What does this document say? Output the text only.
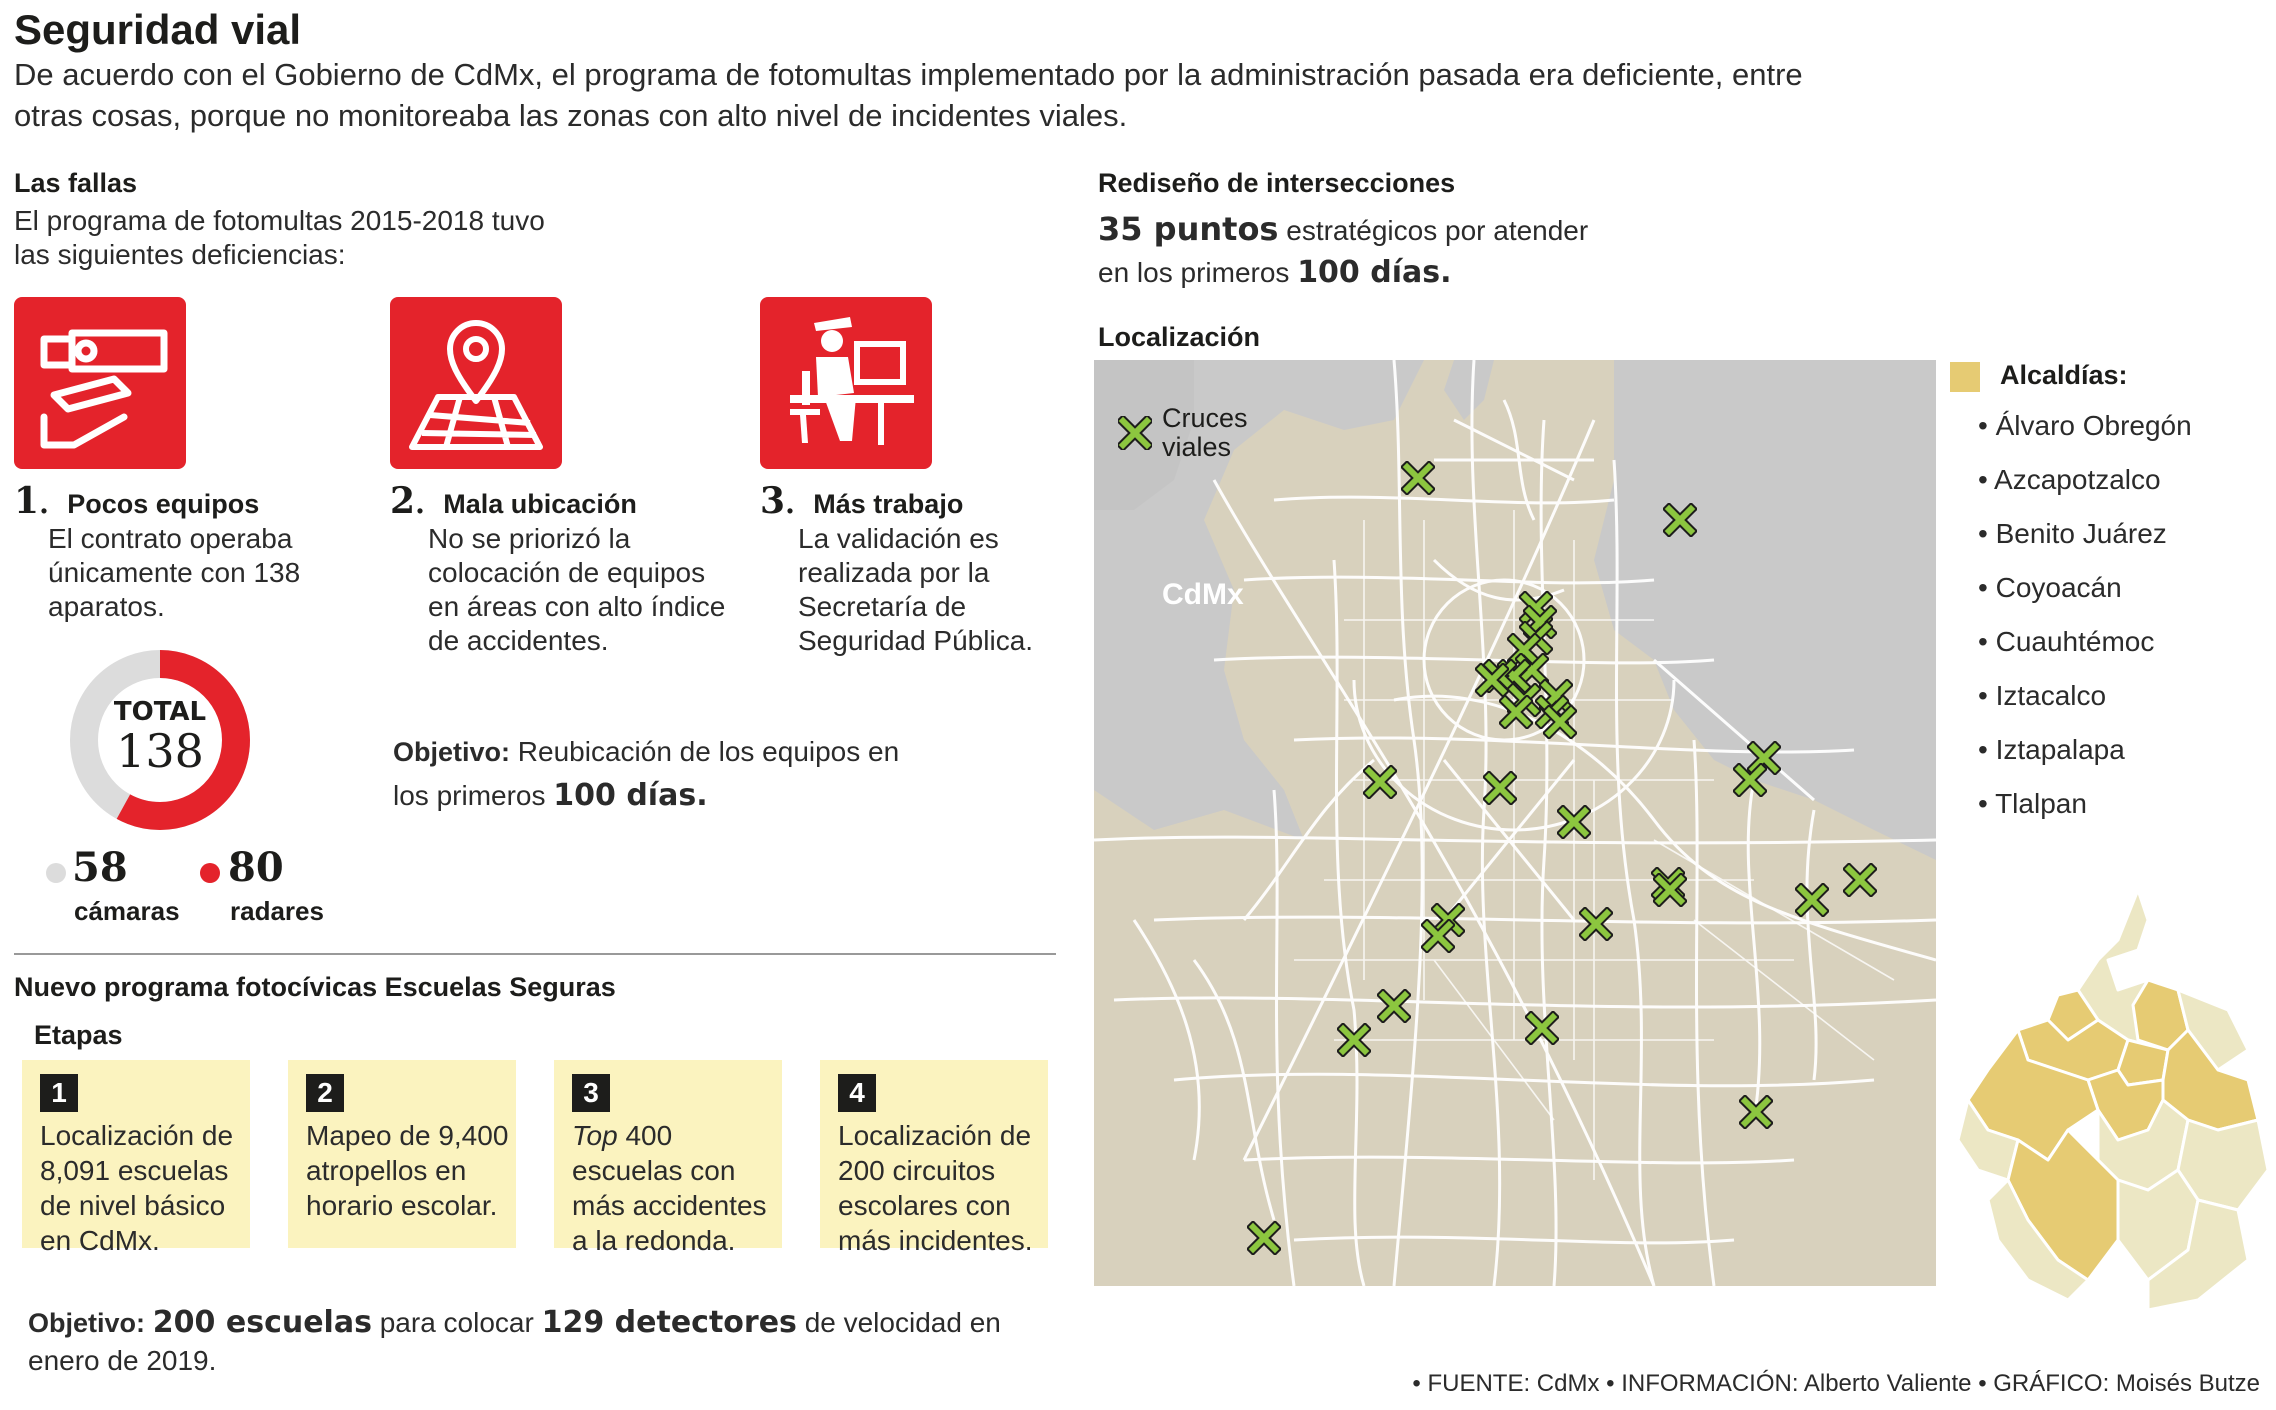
Seguridad vial
De acuerdo con el Gobierno de CdMx, el programa de fotomultas implementado por la administración pasada era deficiente, entre otras cosas, porque no monitoreaba las zonas con alto nivel de incidentes viales.
Las fallas
El programa de fotomultas 2015-2018 tuvo las siguientes deficiencias:
1. Pocos equipos
El contrato operaba únicamente con 138 aparatos.
2. Mala ubicación
No se priorizó la colocación de equipos en áreas con alto índice de accidentes.
3. Más trabajo
La validación es realizada por la Secretaría de Seguridad Pública.
TOTAL
138
58
cámaras
80
radares
Objetivo: Reubicación de los equipos en los primeros 100 días.
Nuevo programa fotocívicas Escuelas Seguras
Etapas
1
Localización de 8,091 escuelas de nivel básico en CdMx.
2
Mapeo de 9,400 atropellos en horario escolar.
3
Top 400 escuelas con más accidentes a la redonda.
4
Localización de 200 circuitos escolares con más incidentes.
Objetivo: 200 escuelas para colocar 129 detectores de velocidad en enero de 2019.
Rediseño de intersecciones
35 puntos estratégicos por atender
en los primeros 100 días.
Localización
CdMx
Cruces viales
Alcaldías:
• Álvaro Obregón
• Azcapotzalco
• Benito Juárez
• Coyoacán
• Cuauhtémoc
• Iztacalco
• Iztapalapa
• Tlalpan
• FUENTE: CdMx • INFORMACIÓN: Alberto Valiente • GRÁFICO: Moisés Butze
